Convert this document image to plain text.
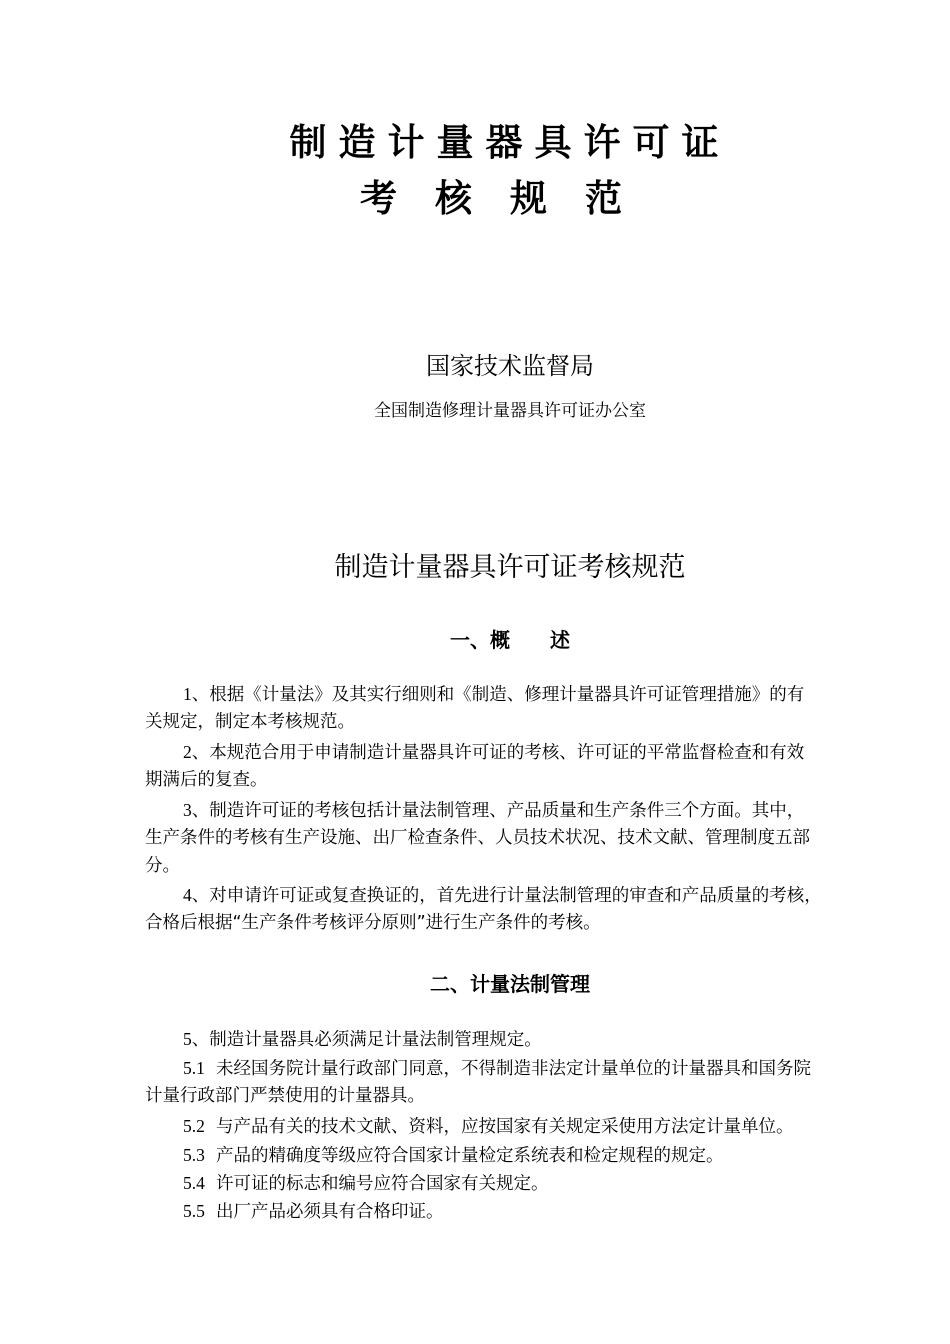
制造计量器具许可证
考核规范
国家技术监督局
全国制造修理计量器具许可证办公室
制造计量器具许可证考核规范
一、概 述
1、根据《计量法》及其实行细则和《制造、修理计量器具许可证管理措施》的有
关规定，制定本考核规范。
2、本规范合用于申请制造计量器具许可证的考核、许可证的平常监督检查和有效
期满后的复查。
3、制造许可证的考核包括计量法制管理、产品质量和生产条件三个方面。其中，
生产条件的考核有生产设施、出厂检查条件、人员技术状况、技术文献、管理制度五部
分。
4、对申请许可证或复查换证的，首先进行计量法制管理的审查和产品质量的考核，
合格后根据“生产条件考核评分原则”进行生产条件的考核。
二、计量法制管理
5、制造计量器具必须满足计量法制管理规定。
5.1 未经国务院计量行政部门同意，不得制造非法定计量单位的计量器具和国务院
计量行政部门严禁使用的计量器具。
5.2 与产品有关的技术文献、资料，应按国家有关规定采使用方法定计量单位。
5.3 产品的精确度等级应符合国家计量检定系统表和检定规程的规定。
5.4 许可证的标志和编号应符合国家有关规定。
5.5 出厂产品必须具有合格印证。
